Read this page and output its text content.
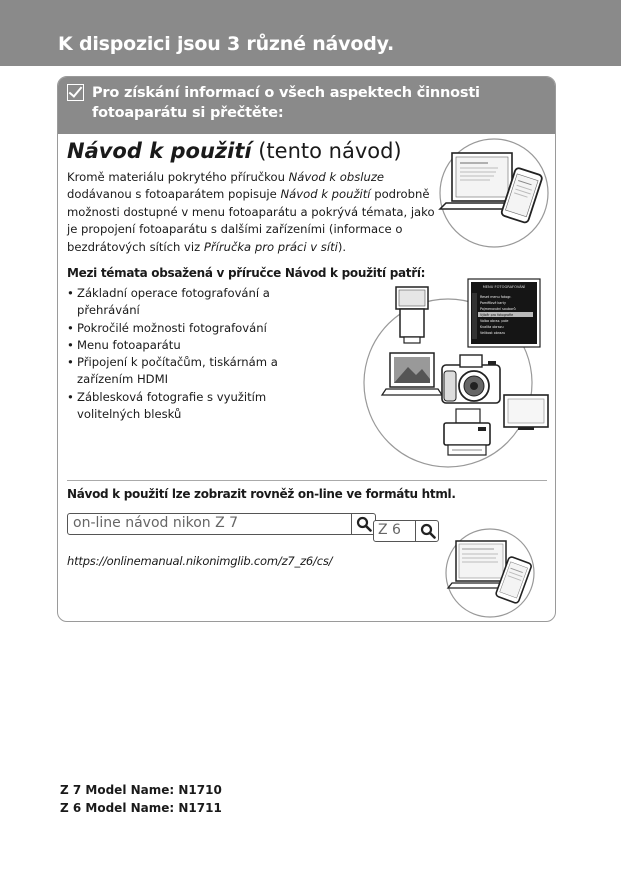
K dispozici jsou 3 různé návody.
Pro získání informací o všech aspektech činnosti fotoaparátu si přečtěte:
Návod k použití (tento návod)
Kromě materiálu pokrytého příručkou Návod k obsluze dodávanou s fotoaparátem popisuje Návod k použití podrobně možnosti dostupné v menu fotoaparátu a pokrývá témata, jako je propojení fotoaparátu s dalšími zařízeními (informace o bezdrátových sítích viz Příručka pro práci v síti).
Mezi témata obsažená v příručce Návod k použití patří:
• Základní operace fotografování a přehrávání
• Pokročilé možnosti fotografování
• Menu fotoaparátu
• Připojení k počítačům, tiskárnám a zařízením HDMI
• Záblesková fotografie s využitím volitelných blesků
MENU FOTOGRAFOVÁNÍ
Reset menu fotogr.
Paměťové karty
Pojmenování souborů
Výběr pro fotografie
Volba obraz. pole
Kvalita obrazu
Velikost obrazu
Návod k použití lze zobrazit rovněž on-line ve formátu html.
on-line návod nikon Z 7	Z 6
https://onlinemanual.nikonimglib.com/z7_z6/cs/
Z 7 Model Name: N1710
Z 6 Model Name: N1711
